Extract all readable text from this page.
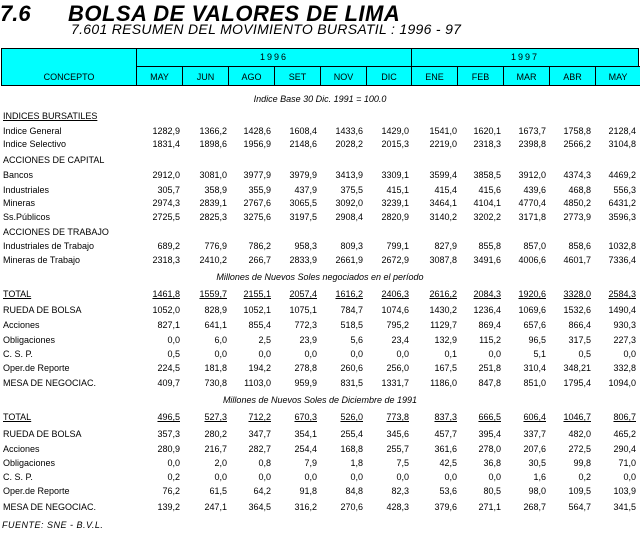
7.6 BOLSA DE VALORES DE LIMA
7.601 RESUMEN DEL MOVIMIENTO BURSATIL : 1996 - 97
CONCEPTO
1996	1997
MAY	JUN	AGO	SET	NOV	DIC	ENE	FEB	MAR	ABR	MAY
Indice Base 30 Dic. 1991 = 100.0
INDICES BURSATILES
Indice General	1282,9 1366,2 1428,6 1608,4 1433,6 1429,0 1541,0 1620,1 1673,7 1758,8 2128,4
Indice Selectivo	1831,4 1898,6 1956,9 2148,6 2028,2 2015,3 2219,0 2318,3 2398,8 2566,2 3104,8
ACCIONES DE CAPITAL
Bancos	2912,0 3081,0 3977,9 3979,9 3413,9 3309,1 3599,4 3858,5 3912,0 4374,3 4469,2
Industriales	305,7	358,9 355,9	437,9	375,5	415,1	415,4 415,6 439,6 468,8 556,3
Mineras	2974,3 2839,1 2767,6 3065,5 3092,0 3239,1 3464,1 4104,1 4770,4 4850,2 6431,2
Ss.Públicos	2725,5 2825,3 3275,6 3197,5 2908,4 2820,9 3140,2 3202,2 3171,8 2773,9 3596,3
ACCIONES DE TRABAJO
Industriales de Trabajo	689,2	776,9 786,2	958,3	809,3	799,1	827,9 855,8 857,0 858,6 1032,8
Mineras de Trabajo	2318,3 2410,2 266,7 2833,9 2661,9 2672,9 3087,8 3491,6 4006,6 4601,7 7336,4
Millones de Nuevos Soles negociados en el período
TOTAL	1461,8 1559,7 2155,1 2057,4 1616,2 2406,3 2616,2 2084,3 1920,6 3328,0 2584,3
RUEDA DE BOLSA	1052,0	828,9 1052,1 1075,1	784,7 1074,6 1430,2 1236,4 1069,6 1532,6 1490,4
Acciones	827,1	641,1 855,4	772,3	518,5	795,2 1129,7 869,4 657,6 866,4 930,3
Obligaciones	0,0	6,0	2,5	23,9	5,6	23,4	132,9 115,2	96,5 317,5 227,3
C. S. P.	0,5	0,0	0,0	0,0	0,0	0,0	0,1	0,0	5,1	0,5	0,0
Oper.de Reporte	224,5	181,8 194,2	278,8	260,6	256,0	167,5 251,8 310,4 348,21 332,8
MESA DE NEGOCIAC.	409,7	730,8 1103,0	959,9	831,5 1331,7 1186,0 847,8 851,0 1795,4 1094,0
Millones de Nuevos Soles de Diciembre de 1991
TOTAL	496,5	527,3 712,2	670,3	526,0	773,8	837,3 666,5 606,4 1046,7 806,7
RUEDA DE BOLSA	357,3	280,2 347,7	354,1	255,4	345,6	457,7 395,4 337,7 482,0 465,2
Acciones	280,9	216,7 282,7	254,4	168,8	255,7	361,6 278,0 207,6 272,5 290,4
Obligaciones	0,0	2,0	0,8	7,9	1,8	7,5	42,5	36,8	30,5	99,8	71,0
C. S. P.	0,2	0,0	0,0	0,0	0,0	0,0	0,0	0,0	1,6	0,2	0,0
Oper.de Reporte	76,2	61,5	64,2	91,8	84,8	82,3	53,6	80,5	98,0 109,5 103,9
MESA DE NEGOCIAC.	139,2	247,1 364,5	316,2	270,6	428,3	379,6 271,1 268,7 564,7 341,5
FUENTE: SNE - B.V.L.
